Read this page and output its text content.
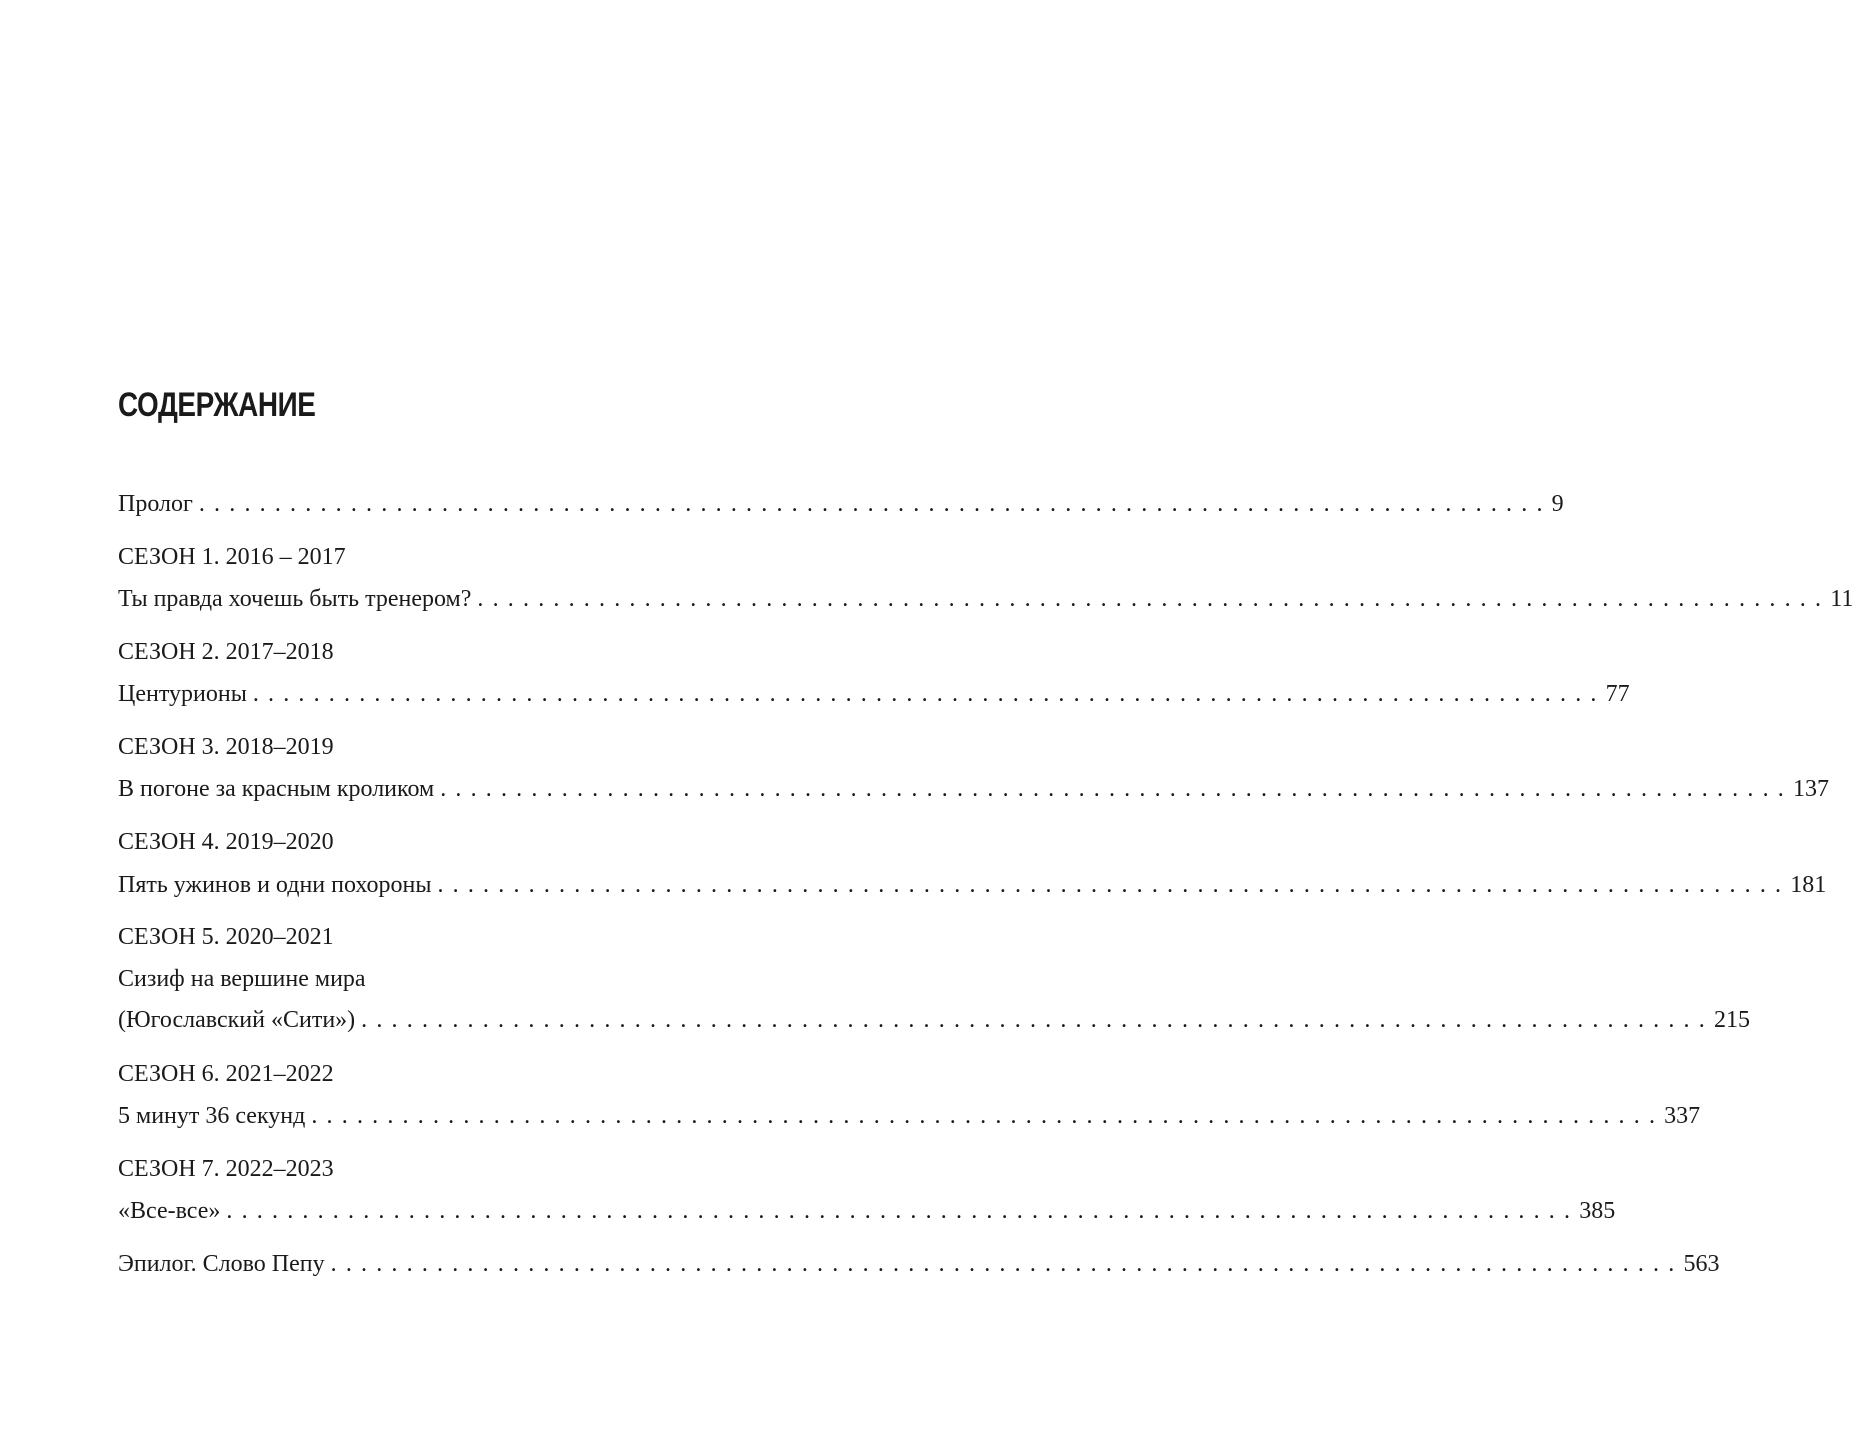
СОДЕРЖАНИЕ
Пролог ......................................................................................... 9
СЕЗОН 1. 2016 – 2017
Ты правда хочешь быть тренером? ......................................................................................... 11
СЕЗОН 2. 2017–2018
Центурионы ......................................................................................... 77
СЕЗОН 3. 2018–2019
В погоне за красным кроликом ......................................................................................... 137
СЕЗОН 4. 2019–2020
Пять ужинов и одни похороны ......................................................................................... 181
СЕЗОН 5. 2020–2021
Сизиф на вершине мира
(Югославский «Сити») ......................................................................................... 215
СЕЗОН 6. 2021–2022
5 минут 36 секунд ......................................................................................... 337
СЕЗОН 7. 2022–2023
«Все-все» ......................................................................................... 385
Эпилог. Слово Пепу ......................................................................................... 563
